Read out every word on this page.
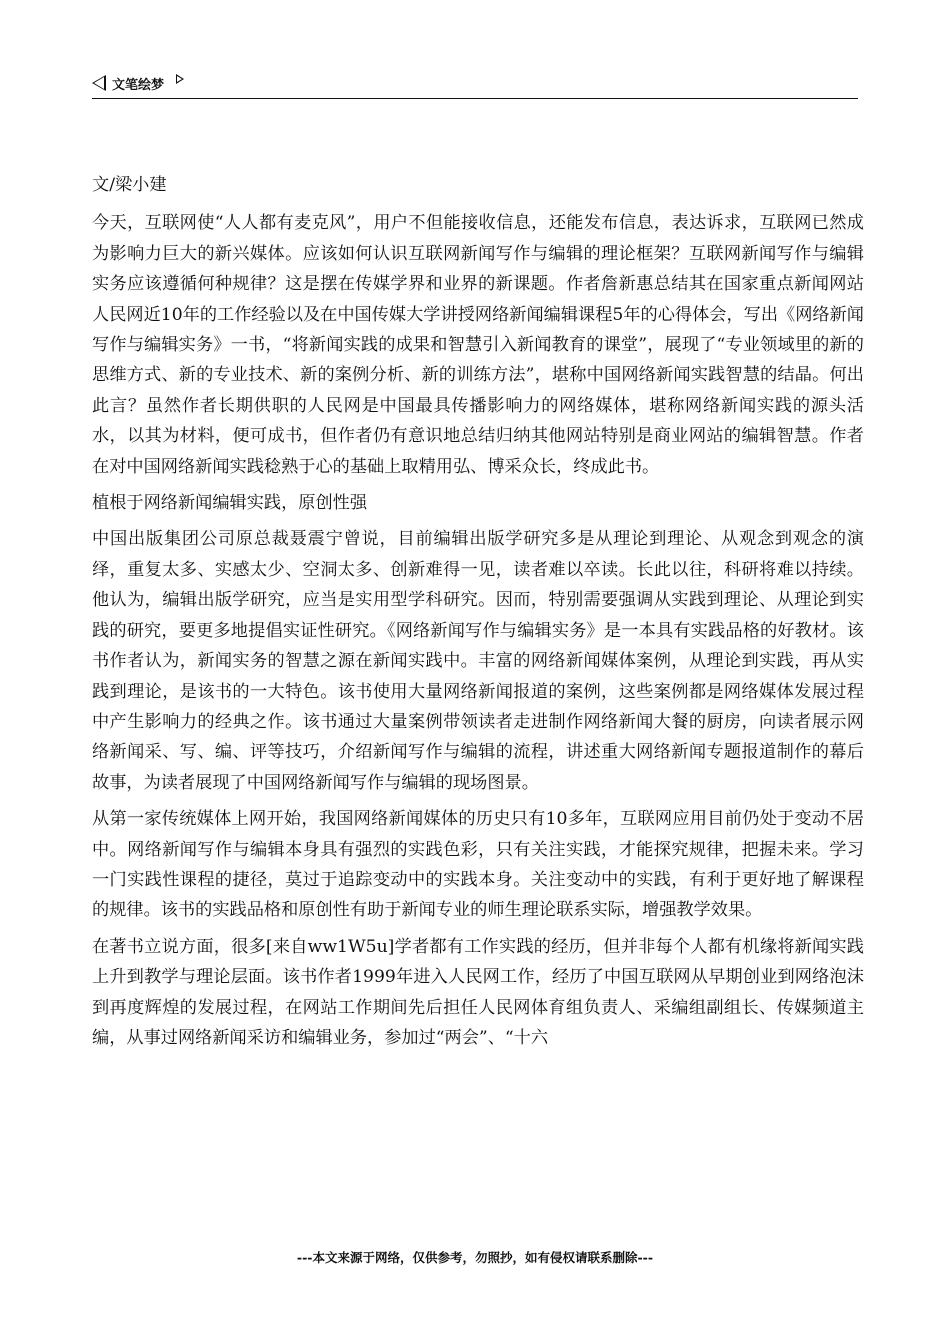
文笔绘梦

文/梁小建

今天，互联网使“人人都有麦克风”，用户不但能接收信息，还能发布信息，表达诉求，互联网已然成为影响力巨大的新兴媒体。应该如何认识互联网新闻写作与编辑的理论框架？互联网新闻写作与编辑实务应该遵循何种规律？这是摆在传媒学界和业界的新课题。作者詹新惠总结其在国家重点新闻网站人民网近10年的工作经验以及在中国传媒大学讲授网络新闻编辑课程5年的心得体会，写出《网络新闻写作与编辑实务》一书，“将新闻实践的成果和智慧引入新闻教育的课堂”，展现了“专业领域里的新的思维方式、新的专业技术、新的案例分析、新的训练方法”，堪称中国网络新闻实践智慧的结晶。何出此言？虽然作者长期供职的人民网是中国最具传播影响力的网络媒体，堪称网络新闻实践的源头活水，以其为材料，便可成书，但作者仍有意识地总结归纳其他网站特别是商业网站的编辑智慧。作者在对中国网络新闻实践稔熟于心的基础上取精用弘、博采众长，终成此书。

植根于网络新闻编辑实践，原创性强

中国出版集团公司原总裁聂震宁曾说，目前编辑出版学研究多是从理论到理论、从观念到观念的演绎，重复太多、实感太少、空洞太多、创新难得一见，读者难以卒读。长此以往，科研将难以持续。他认为，编辑出版学研究，应当是实用型学科研究。因而，特别需要强调从实践到理论、从理论到实践的研究，要更多地提倡实证性研究。《网络新闻写作与编辑实务》是一本具有实践品格的好教材。该书作者认为，新闻实务的智慧之源在新闻实践中。丰富的网络新闻媒体案例，从理论到实践，再从实践到理论，是该书的一大特色。该书使用大量网络新闻报道的案例，这些案例都是网络媒体发展过程中产生影响力的经典之作。该书通过大量案例带领读者走进制作网络新闻大餐的厨房，向读者展示网络新闻采、写、编、评等技巧，介绍新闻写作与编辑的流程，讲述重大网络新闻专题报道制作的幕后故事，为读者展现了中国网络新闻写作与编辑的现场图景。

从第一家传统媒体上网开始，我国网络新闻媒体的历史只有10多年，互联网应用目前仍处于变动不居中。网络新闻写作与编辑本身具有强烈的实践色彩，只有关注实践，才能探究规律，把握未来。学习一门实践性课程的捷径，莫过于追踪变动中的实践本身。关注变动中的实践，有利于更好地了解课程的规律。该书的实践品格和原创性有助于新闻专业的师生理论联系实际，增强教学效果。

在著书立说方面，很多[来自ww1W5u]学者都有工作实践的经历，但并非每个人都有机缘将新闻实践上升到教学与理论层面。该书作者1999年进入人民网工作，经历了中国互联网从早期创业到网络泡沫到再度辉煌的发展过程，在网站工作期间先后担任人民网体育组负责人、采编组副组长、传媒频道主编，从事过网络新闻采访和编辑业务，参加过“两会”、“十六

---本文来源于网络，仅供参考，勿照抄，如有侵权请联系删除---
